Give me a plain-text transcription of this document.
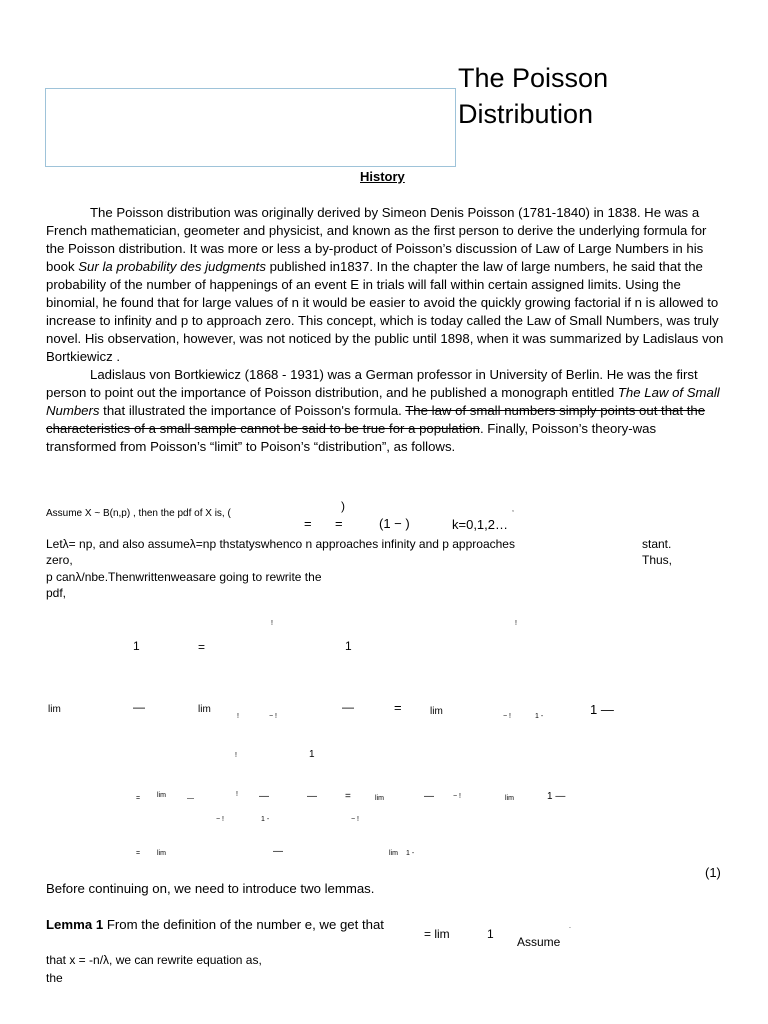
The Poisson
Distribution
History
The Poisson distribution was originally derived by Simeon Denis Poisson (1781-1840) in 1838. He was a French mathematician, geometer and physicist, and known as the first person to derive the underlying formula for the Poisson distribution. It was more or less a by-product of Poisson’s discussion of Law of Large Numbers in his book Sur la probability des judgments published in1837. In the chapter the law of large numbers, he said that the probability of the number of happenings of an event E in trials will fall within certain assigned limits. Using the binomial, he found that for large values of n it would be easier to avoid the quickly growing factorial if n is allowed to increase to infinity and p to approach zero. This concept, which is today called the Law of Small Numbers, was truly novel. His observation, however, was not noticed by the public until 1898, when it was summarized by Ladislaus von Bortkiewicz .
Ladislaus von Bortkiewicz (1868 - 1931) was a German professor in University of Berlin. He was the first person to point out the importance of Poisson distribution, and he published a monograph entitled The Law of Small Numbers that illustrated the importance of Poisson's formula. The law of small numbers simply points out that the characteristics of a small sample cannot be said to be true for a population. Finally, Poisson’s theory-was transformed from Poisson’s “limit” to Poison’s “distribution”, as follows.
Assume X ~ B(n,p) , then the pdf of X is, (
)	,
= =	(1 − )	k=0,1,2…
Letλ= np, and also assumeλ=np thstatyswhenco n approaches infinity and p approaches	stant.
zero,	Thus,
p canλ/nbe.Thenwrittenweasare going to rewrite the
pdf,
!	!
1	=	1
lim	—	lim
!	− !
—	=	lim	− !	1 -	1 —
!	1
= lim	—
! —	—	=	lim	—	− !	lim	1 —
− !	1 -	− !
= lim	—	lim 1 -
(1)
Before continuing on, we need to introduce two lemmas.
Lemma 1 From the definition of the number e, we get that
= lim	1
.
Assume
that x = -n/λ, we can rewrite equation as,
the
